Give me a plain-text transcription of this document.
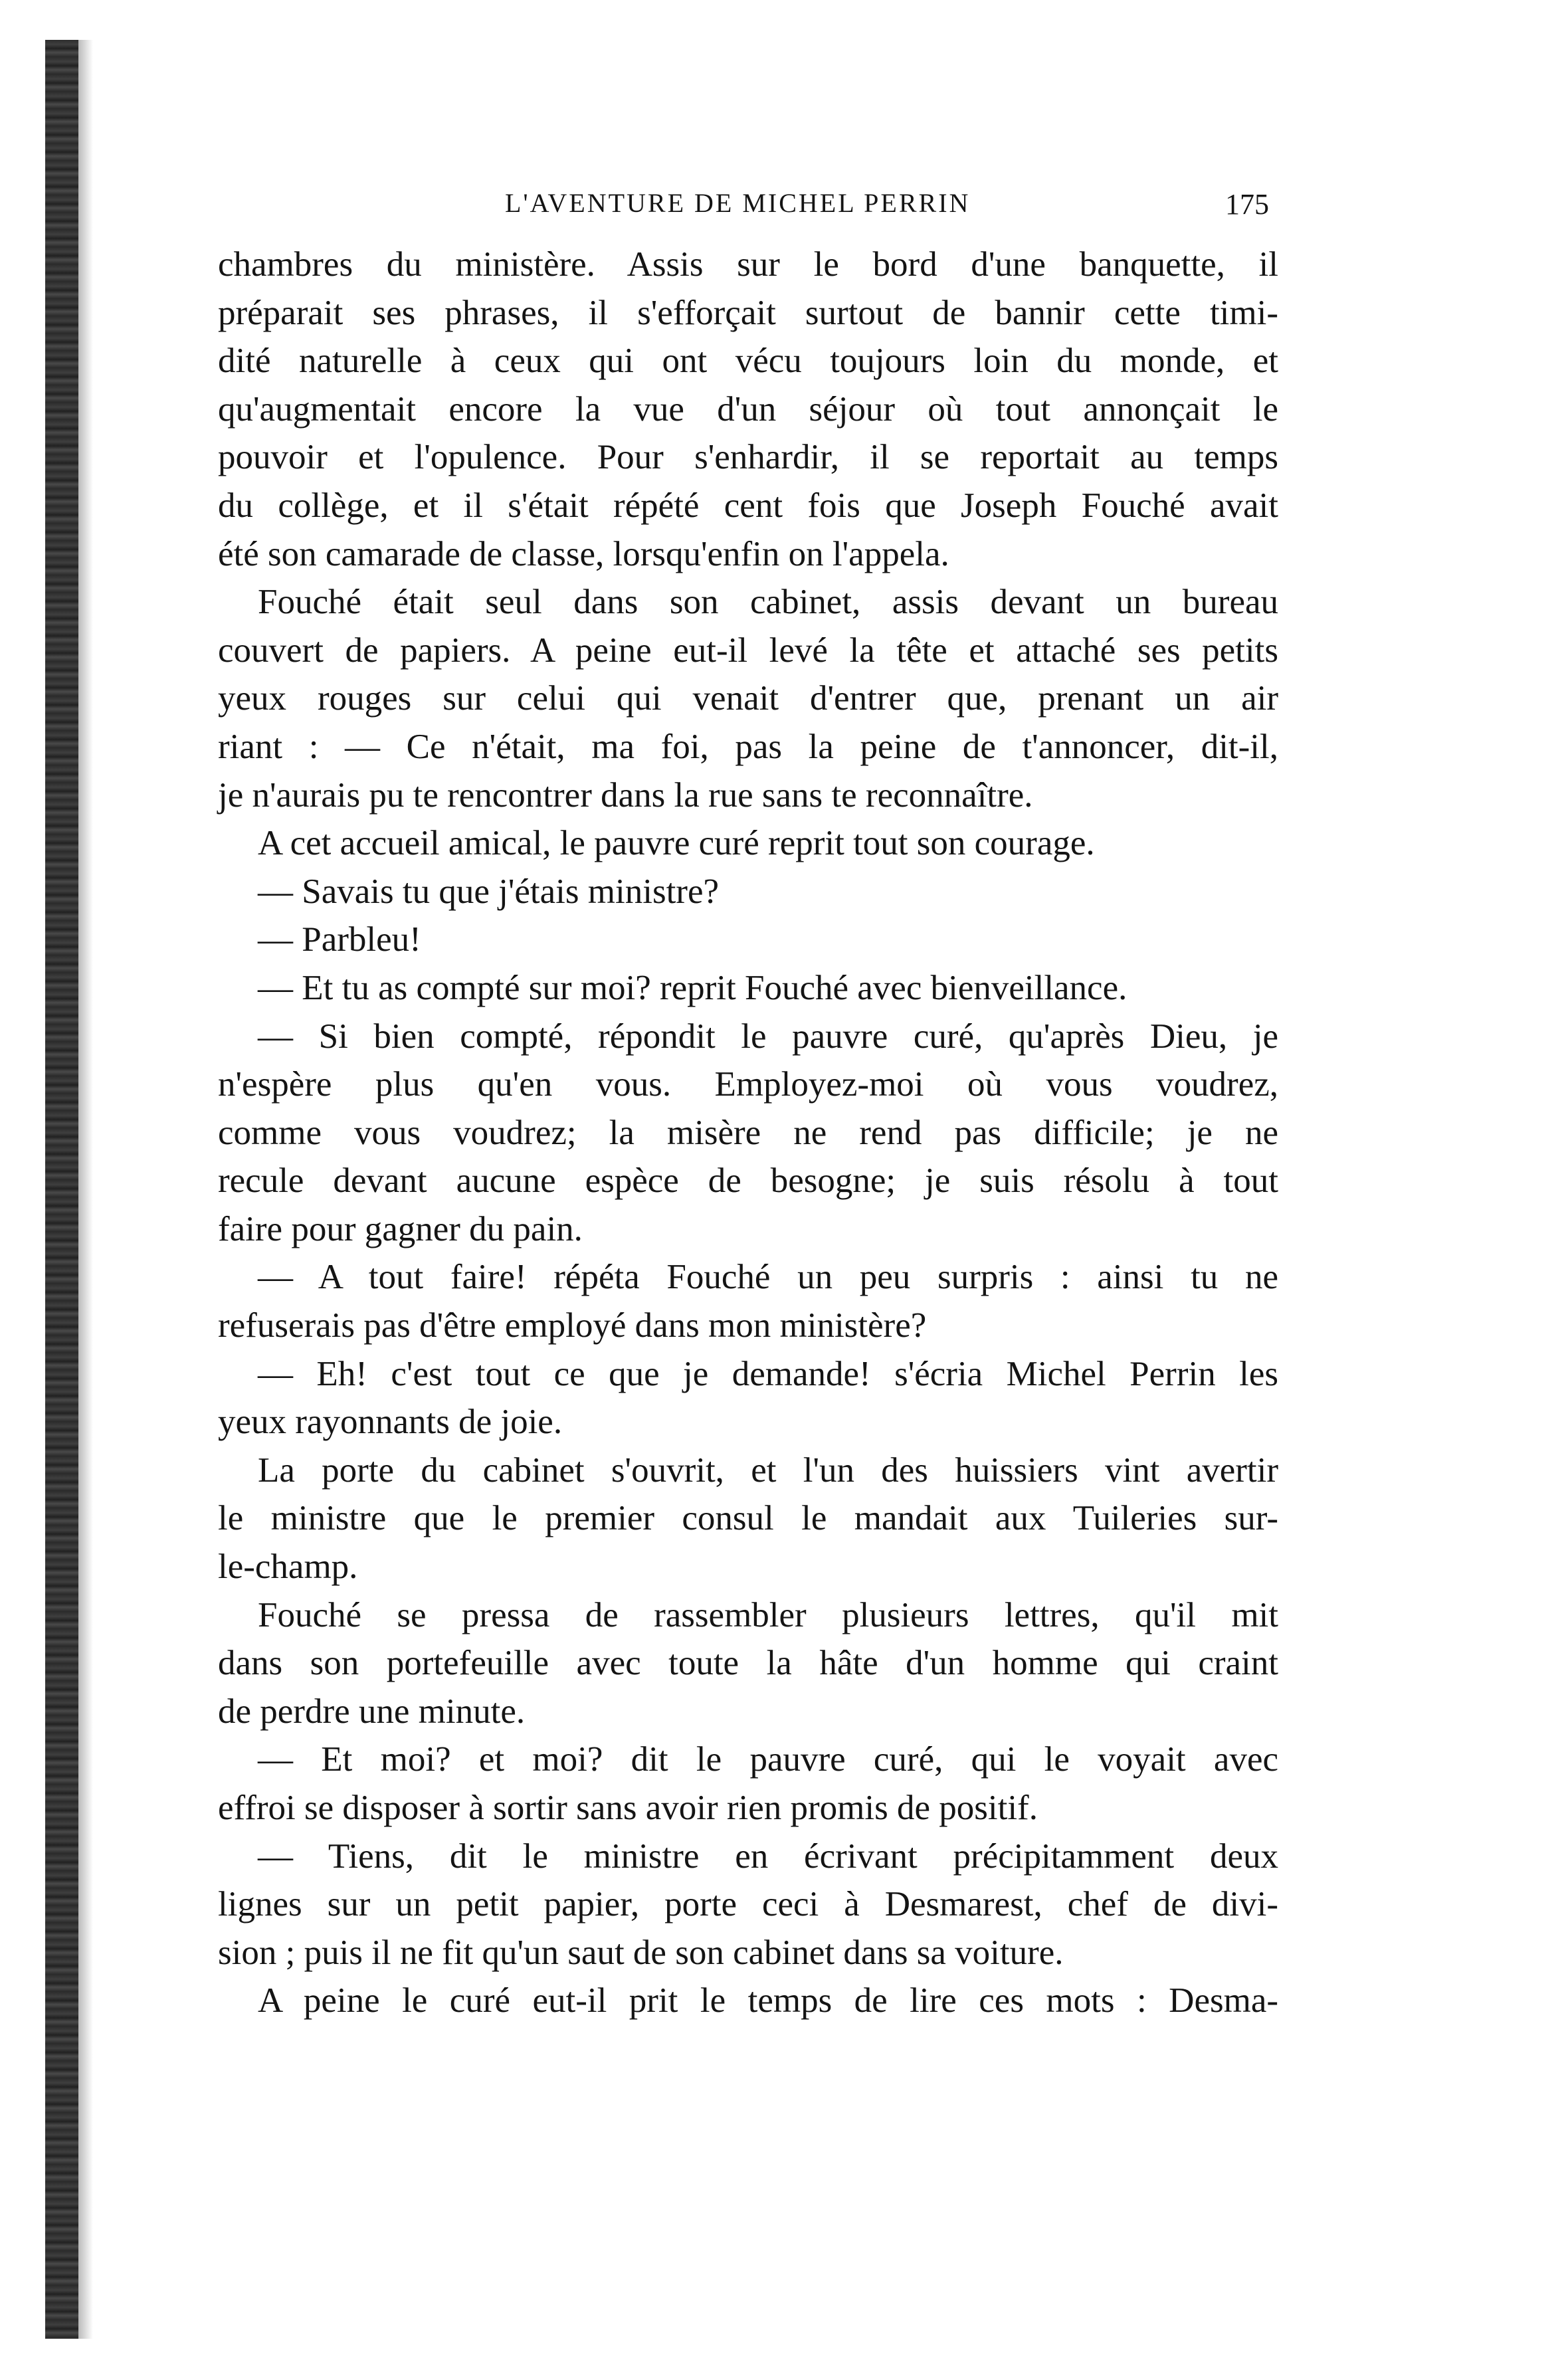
L'AVENTURE DE MICHEL PERRIN	175
chambres du ministère. Assis sur le bord d'une banquette, il
préparait ses phrases, il s'efforçait surtout de bannir cette timi-
dité naturelle à ceux qui ont vécu toujours loin du monde, et
qu'augmentait encore la vue d'un séjour où tout annonçait le
pouvoir et l'opulence. Pour s'enhardir, il se reportait au temps
du collège, et il s'était répété cent fois que Joseph Fouché avait
été son camarade de classe, lorsqu'enfin on l'appela.
Fouché était seul dans son cabinet, assis devant un bureau
couvert de papiers. A peine eut-il levé la tête et attaché ses petits
yeux rouges sur celui qui venait d'entrer que, prenant un air
riant : — Ce n'était, ma foi, pas la peine de t'annoncer, dit-il,
je n'aurais pu te rencontrer dans la rue sans te reconnaître.
A cet accueil amical, le pauvre curé reprit tout son courage.
— Savais tu que j'étais ministre?
— Parbleu!
— Et tu as compté sur moi? reprit Fouché avec bienveillance.
— Si bien compté, répondit le pauvre curé, qu'après Dieu, je
n'espère plus qu'en vous. Employez-moi où vous voudrez,
comme vous voudrez; la misère ne rend pas difficile; je ne
recule devant aucune espèce de besogne; je suis résolu à tout
faire pour gagner du pain.
— A tout faire! répéta Fouché un peu surpris : ainsi tu ne
refuserais pas d'être employé dans mon ministère?
— Eh! c'est tout ce que je demande! s'écria Michel Perrin les
yeux rayonnants de joie.
La porte du cabinet s'ouvrit, et l'un des huissiers vint avertir
le ministre que le premier consul le mandait aux Tuileries sur-
le-champ.
Fouché se pressa de rassembler plusieurs lettres, qu'il mit
dans son portefeuille avec toute la hâte d'un homme qui craint
de perdre une minute.
— Et moi? et moi? dit le pauvre curé, qui le voyait avec
effroi se disposer à sortir sans avoir rien promis de positif.
— Tiens, dit le ministre en écrivant précipitamment deux
lignes sur un petit papier, porte ceci à Desmarest, chef de divi-
sion ; puis il ne fit qu'un saut de son cabinet dans sa voiture.
A peine le curé eut-il prit le temps de lire ces mots : Desma-
